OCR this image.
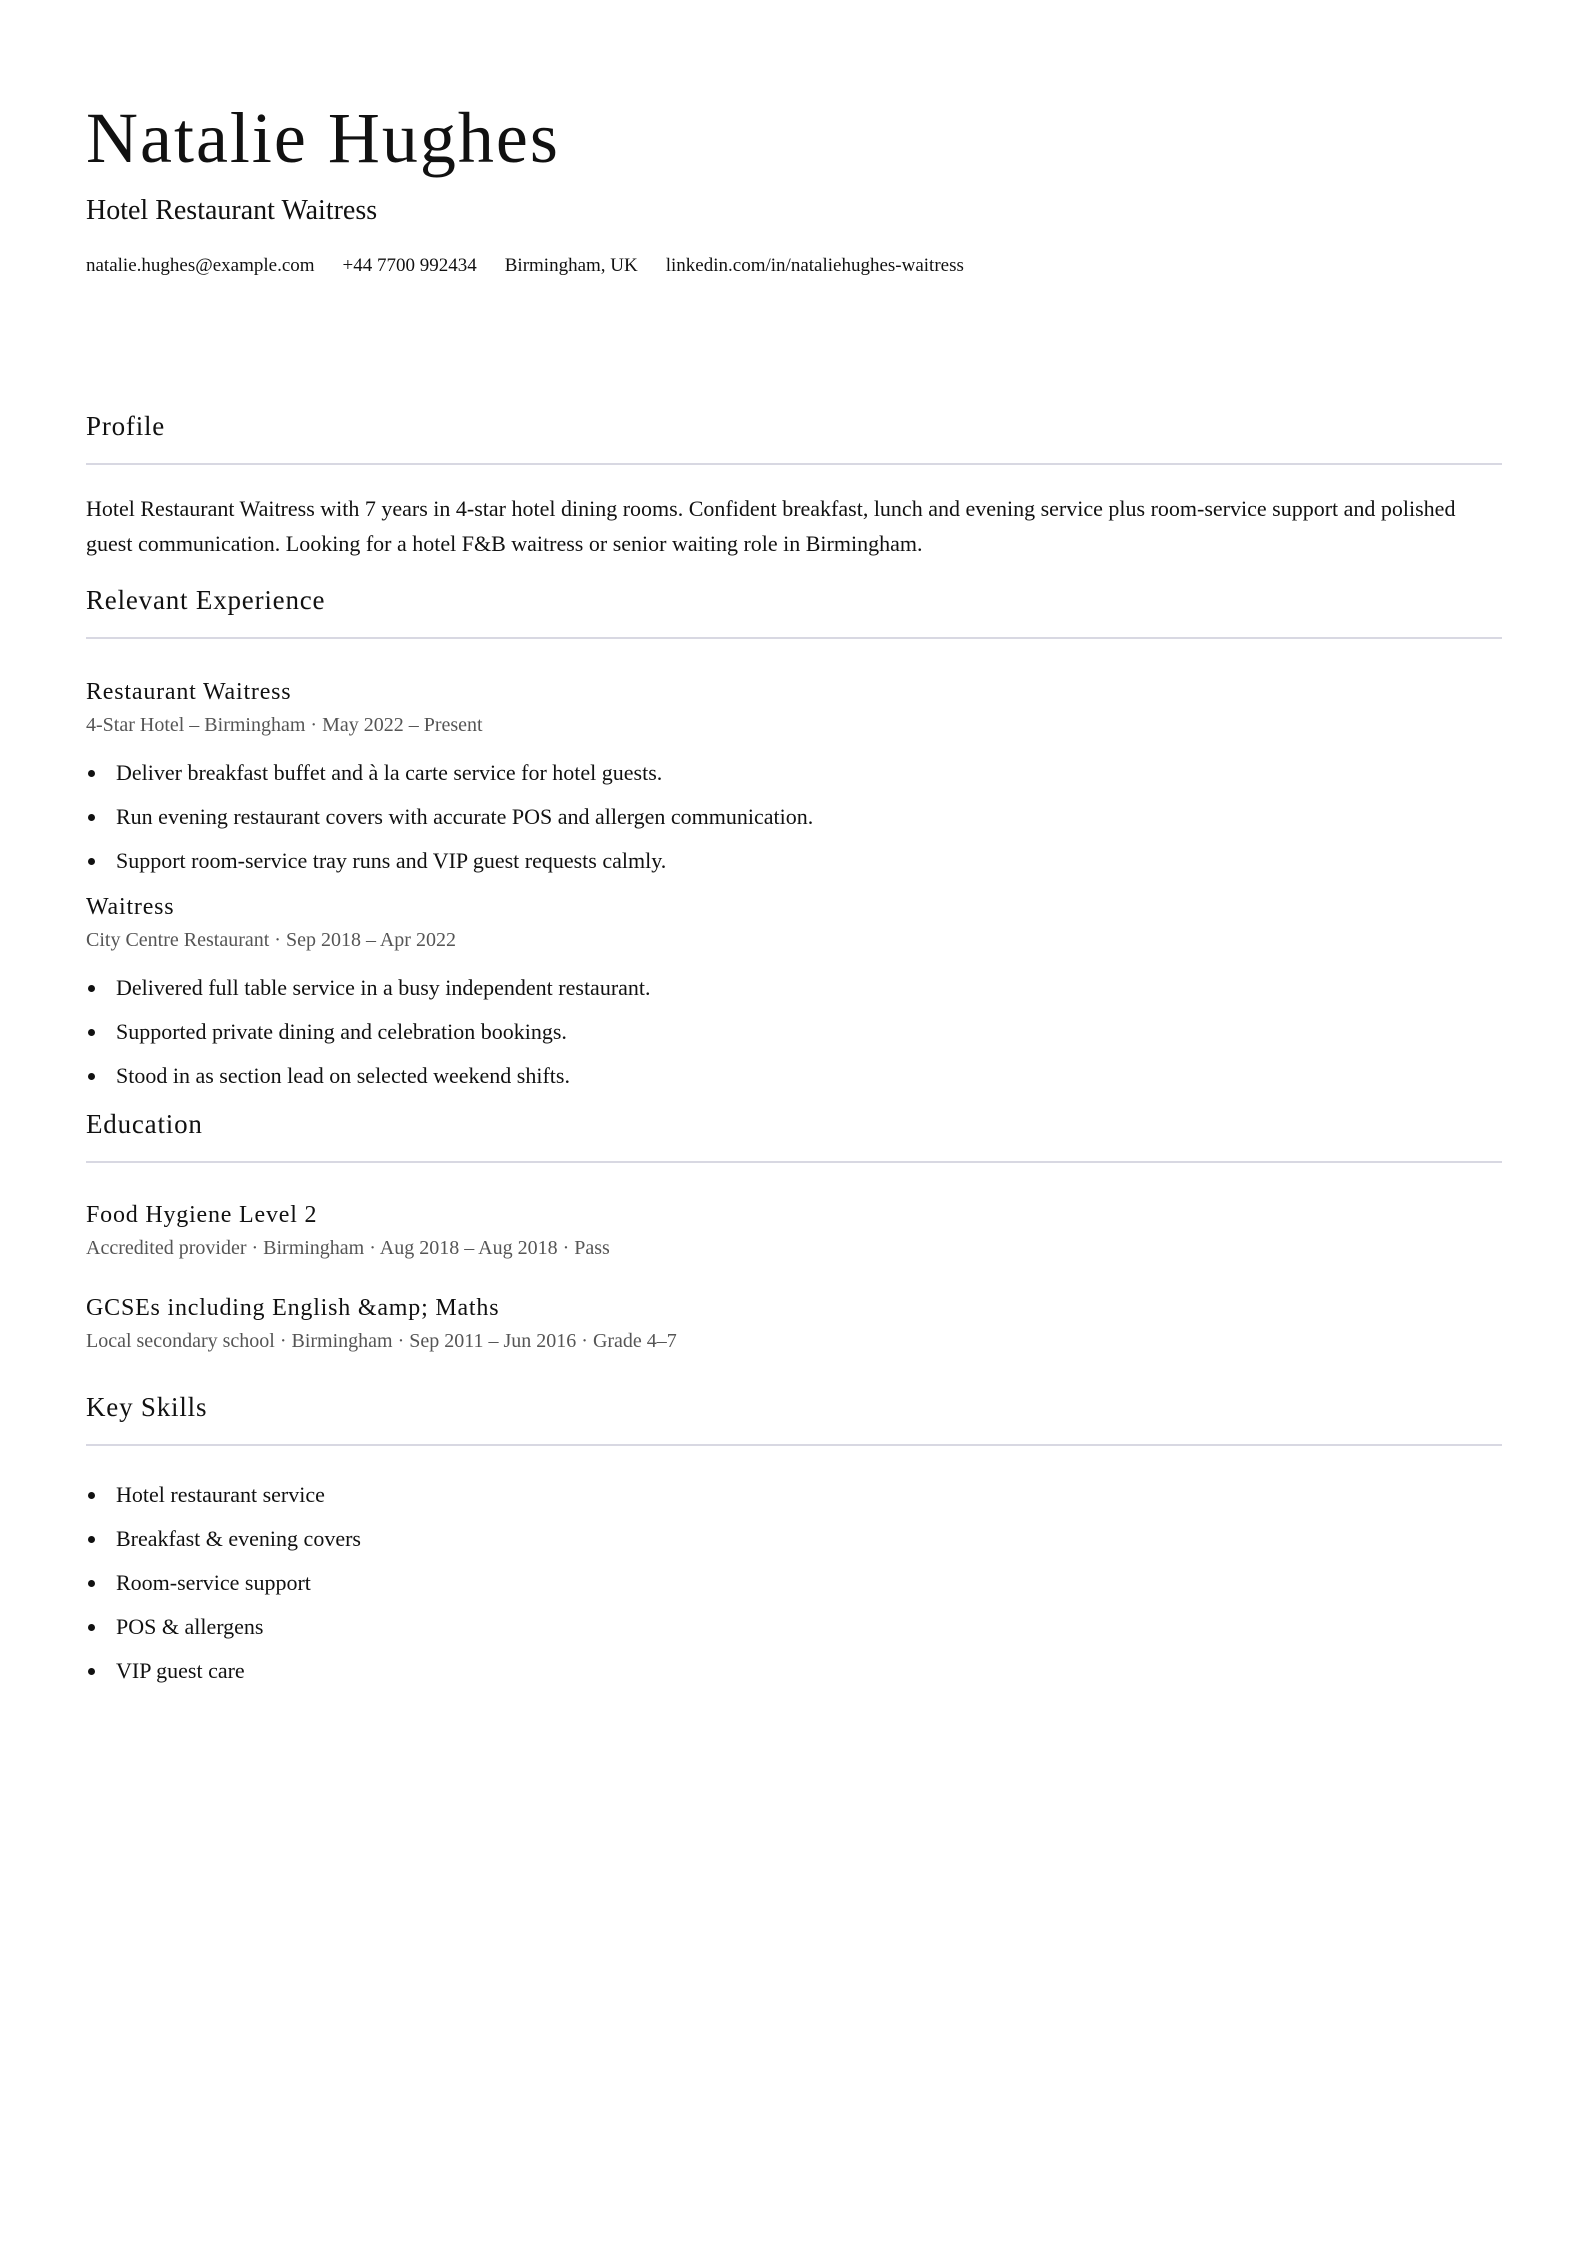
Natalie Hughes
Hotel Restaurant Waitress
natalie.hughes@example.com +44 7700 992434 Birmingham, UK linkedin.com/in/nataliehughes-waitress
Profile
Hotel Restaurant Waitress with 7 years in 4-star hotel dining rooms. Confident breakfast, lunch and evening service plus room-service support and polished guest communication. Looking for a hotel F&B waitress or senior waiting role in Birmingham.
Relevant Experience
Restaurant Waitress
4-Star Hotel – Birmingham · May 2022 – Present
Deliver breakfast buffet and à la carte service for hotel guests.
Run evening restaurant covers with accurate POS and allergen communication.
Support room-service tray runs and VIP guest requests calmly.
Waitress
City Centre Restaurant · Sep 2018 – Apr 2022
Delivered full table service in a busy independent restaurant.
Supported private dining and celebration bookings.
Stood in as section lead on selected weekend shifts.
Education
Food Hygiene Level 2
Accredited provider · Birmingham · Aug 2018 – Aug 2018 · Pass
GCSEs including English &amp; Maths
Local secondary school · Birmingham · Sep 2011 – Jun 2016 · Grade 4–7
Key Skills
Hotel restaurant service
Breakfast & evening covers
Room-service support
POS & allergens
VIP guest care
